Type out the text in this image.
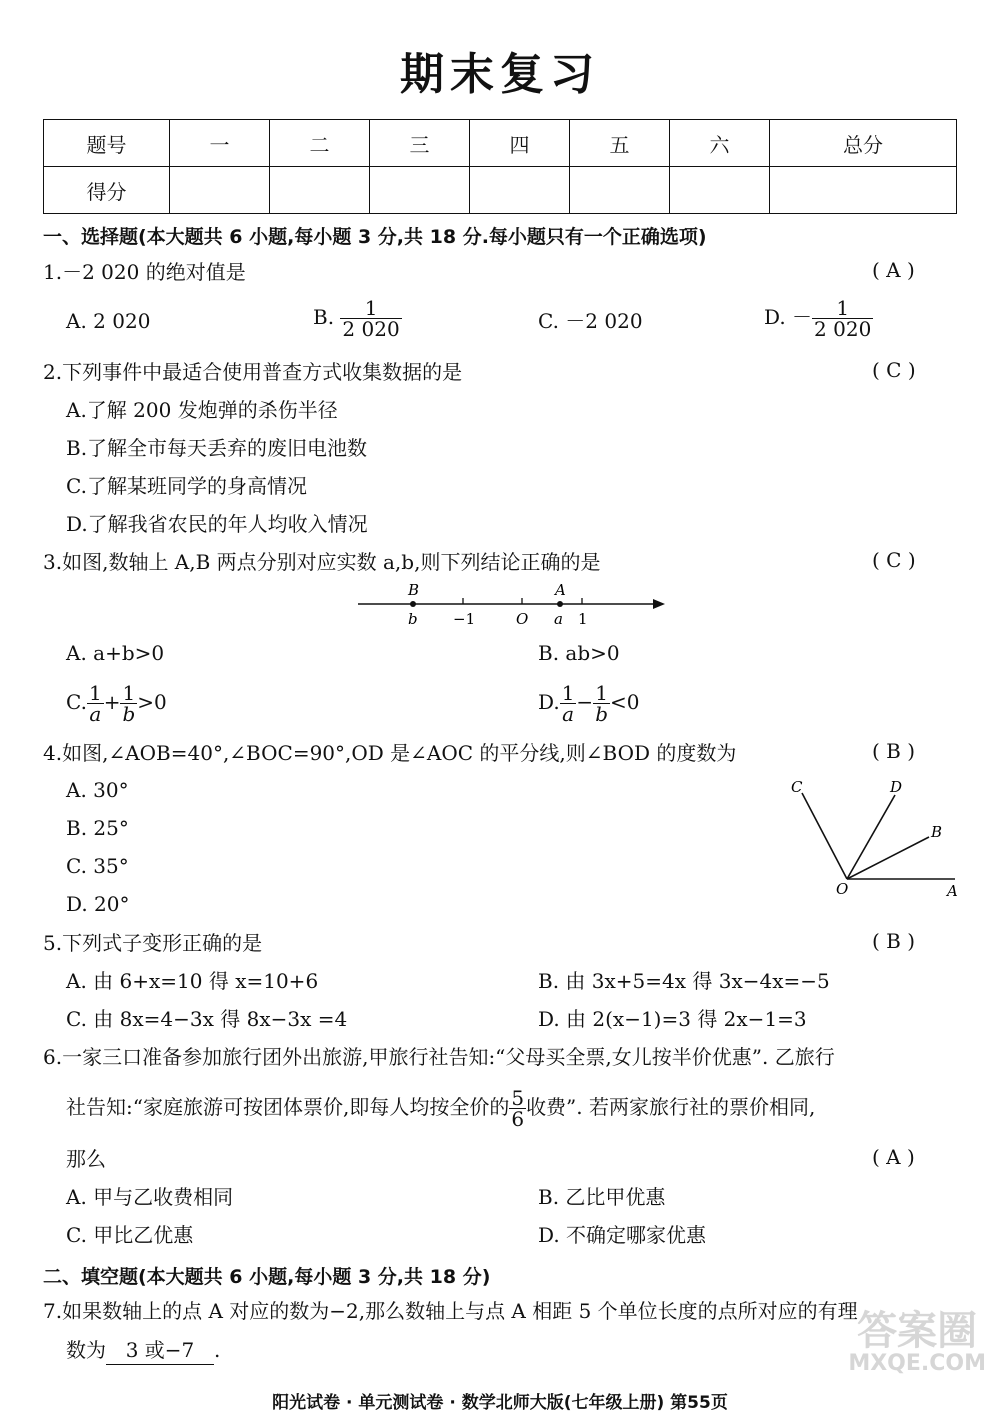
期末复习
题号	一	二	三	四	五	六	总分
得分							
一、选择题(本大题共 6 小题,每小题 3 分,共 18 分.每小题只有一个正确选项)
1.－2 020 的绝对值是	( A )
A. 2 020	B. $\frac{1}{2 020}$	C. －2 020	D. － $\frac{1}{2 020}$
2.下列事件中最适合使用普查方式收集数据的是	( C )
A.了解 200 发炮弹的杀伤半径
B.了解全市每天丢弃的废旧电池数
C.了解某班同学的身高情况
D.了解我省农民的年人均收入情况
3.如图,数轴上 A,B 两点分别对应实数 a,b,则下列结论正确的是	( C )
B	A
b −1	O a 1
A. a+b>0	B. ab>0
C. $\frac{1}{a} + \frac{1}{b} >0$	D. $\frac{1}{a} - \frac{1}{b} <0$
4.如图,∠AOB=40°,∠BOC=90°,OD 是∠AOC 的平分线,则∠BOD 的度数为	( B )
A. 30°
B. 25°
C. 35°
D. 20°
C	D
B
O	A
5.下列式子变形正确的是	( B )
A. 由 6+x=10 得 x=10+6	B. 由 3x+5=4x 得 3x−4x=−5
C. 由 8x=4−3x 得 8x−3x =4	D. 由 2(x−1)=3 得 2x−1=3
6.一家三口准备参加旅行团外出旅游,甲旅行社告知:“父母买全票,女儿按半价优惠”. 乙旅行
社告知:“家庭旅游可按团体票价,即每人均按全价的 $\frac{5}{6}$ 收费”. 若两家旅行社的票价相同,
那么	( A )
A. 甲与乙收费相同	B. 乙比甲优惠
C. 甲比乙优惠	D. 不确定哪家优惠
二、填空题(本大题共 6 小题,每小题 3 分,共 18 分)
7.如果数轴上的点 A 对应的数为−2,那么数轴上与点 A 相距 5 个单位长度的点所对应的有理
数为 3 或−7 .	答案圈
MXQE.COM
阳光试卷 · 单元测试卷 · 数学北师大版(七年级上册) 第55页
